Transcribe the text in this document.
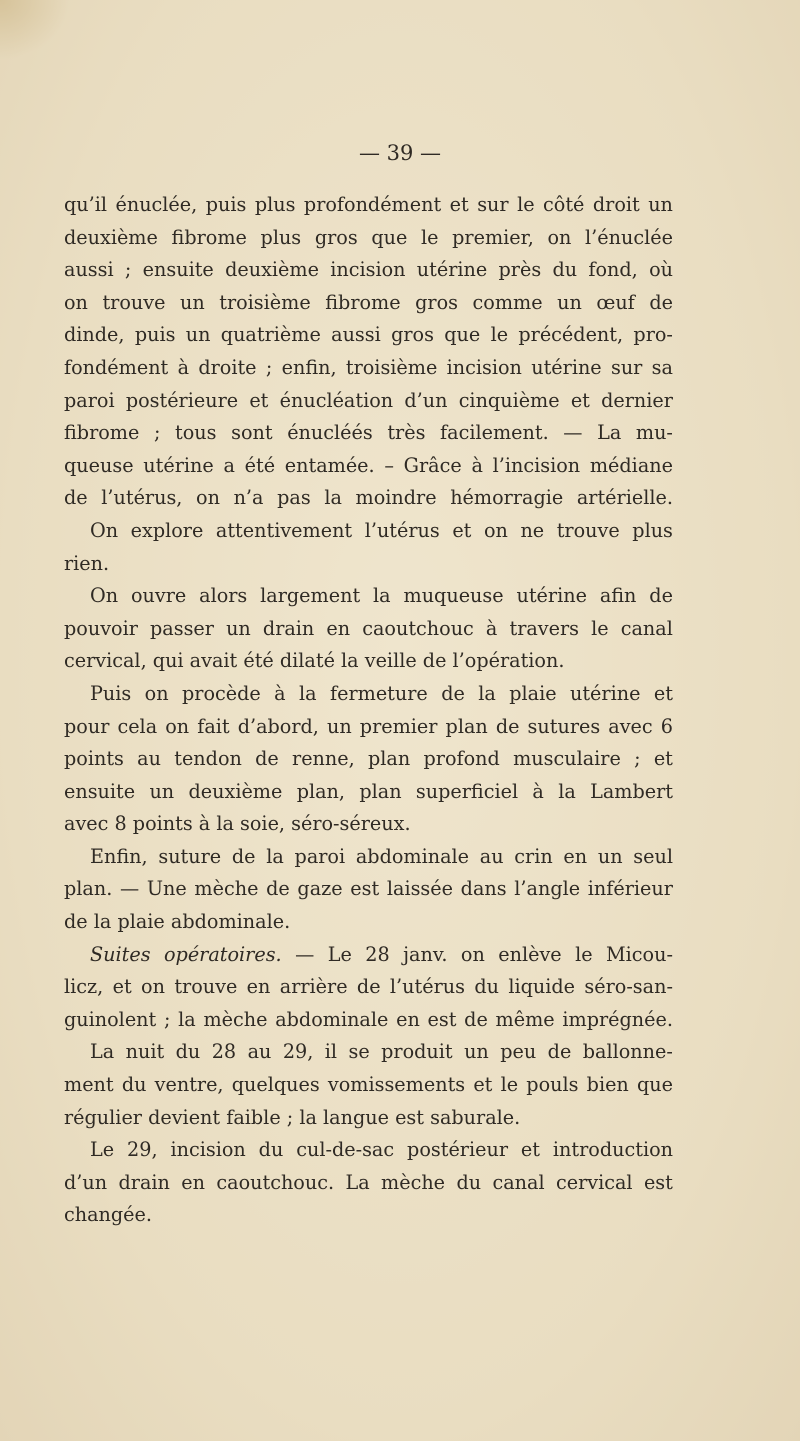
— 39 —
qu’il énuclée, puis plus profondément et sur le côté droit un
deuxième fibrome plus gros que le premier, on l’énuclée
aussi ; ensuite deuxième incision utérine près du fond, où
on trouve un troisième fibrome gros comme un œuf de
dinde, puis un quatrième aussi gros que le précédent, pro-
fondément à droite ; enfin, troisième incision utérine sur sa
paroi postérieure et énucléation d’un cinquième et dernier
fibrome ; tous sont énucléés très facilement. — La mu-
queuse utérine a été entamée. – Grâce à l’incision médiane
de l’utérus, on n’a pas la moindre hémorragie artérielle.
On explore attentivement l’utérus et on ne trouve plus
rien.
On ouvre alors largement la muqueuse utérine afin de
pouvoir passer un drain en caoutchouc à travers le canal
cervical, qui avait été dilaté la veille de l’opération.
Puis on procède à la fermeture de la plaie utérine et
pour cela on fait d’abord, un premier plan de sutures avec 6
points au tendon de renne, plan profond musculaire ; et
ensuite un deuxième plan, plan superficiel à la Lambert
avec 8 points à la soie, séro-séreux.
Enfin, suture de la paroi abdominale au crin en un seul
plan. — Une mèche de gaze est laissée dans l’angle inférieur
de la plaie abdominale.
Suites opératoires. — Le 28 janv. on enlève le Micou-
licz, et on trouve en arrière de l’utérus du liquide séro-san-
guinolent ; la mèche abdominale en est de même imprégnée.
La nuit du 28 au 29, il se produit un peu de ballonne-
ment du ventre, quelques vomissements et le pouls bien que
régulier devient faible ; la langue est saburale.
Le 29, incision du cul-de-sac postérieur et introduction
d’un drain en caoutchouc. La mèche du canal cervical est
changée.
